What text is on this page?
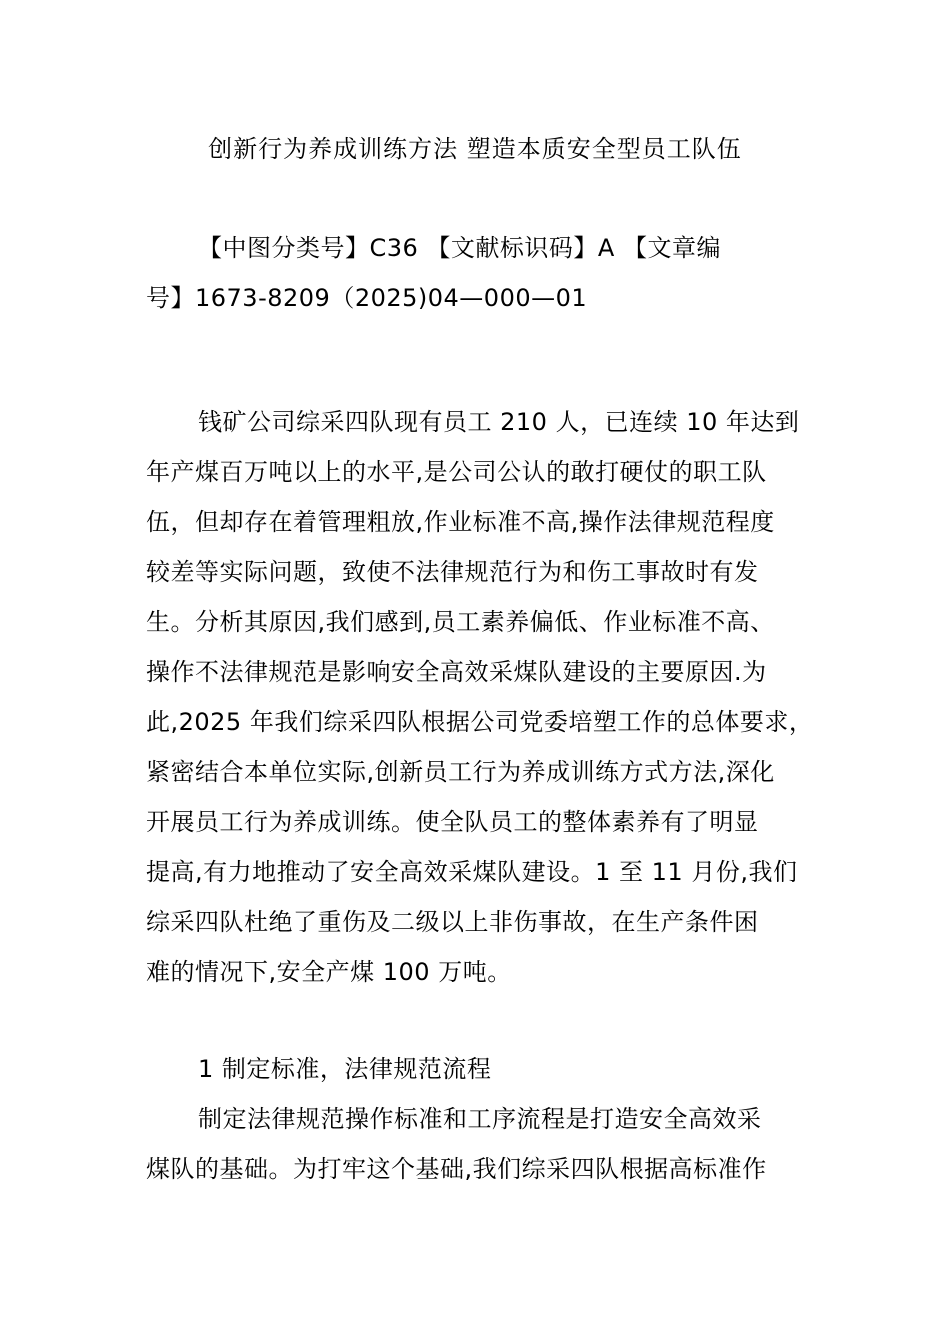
创新行为养成训练方法 塑造本质安全型员工队伍
【中图分类号】C36 【文献标识码】A 【文章编
号】1673-8209（2025)04—000—01
钱矿公司综采四队现有员工 210 人，已连续 10 年达到
年产煤百万吨以上的水平,是公司公认的敢打硬仗的职工队
伍，但却存在着管理粗放,作业标准不高,操作法律规范程度
较差等实际问题，致使不法律规范行为和伤工事故时有发
生。分析其原因,我们感到,员工素养偏低、作业标准不高、
操作不法律规范是影响安全高效采煤队建设的主要原因.为
此,2025 年我们综采四队根据公司党委培塑工作的总体要求，
紧密结合本单位实际,创新员工行为养成训练方式方法,深化
开展员工行为养成训练。使全队员工的整体素养有了明显
提高,有力地推动了安全高效采煤队建设。1 至 11 月份,我们
综采四队杜绝了重伤及二级以上非伤事故，在生产条件困
难的情况下,安全产煤 100 万吨。
1 制定标准，法律规范流程
制定法律规范操作标准和工序流程是打造安全高效采
煤队的基础。为打牢这个基础,我们综采四队根据高标准作
